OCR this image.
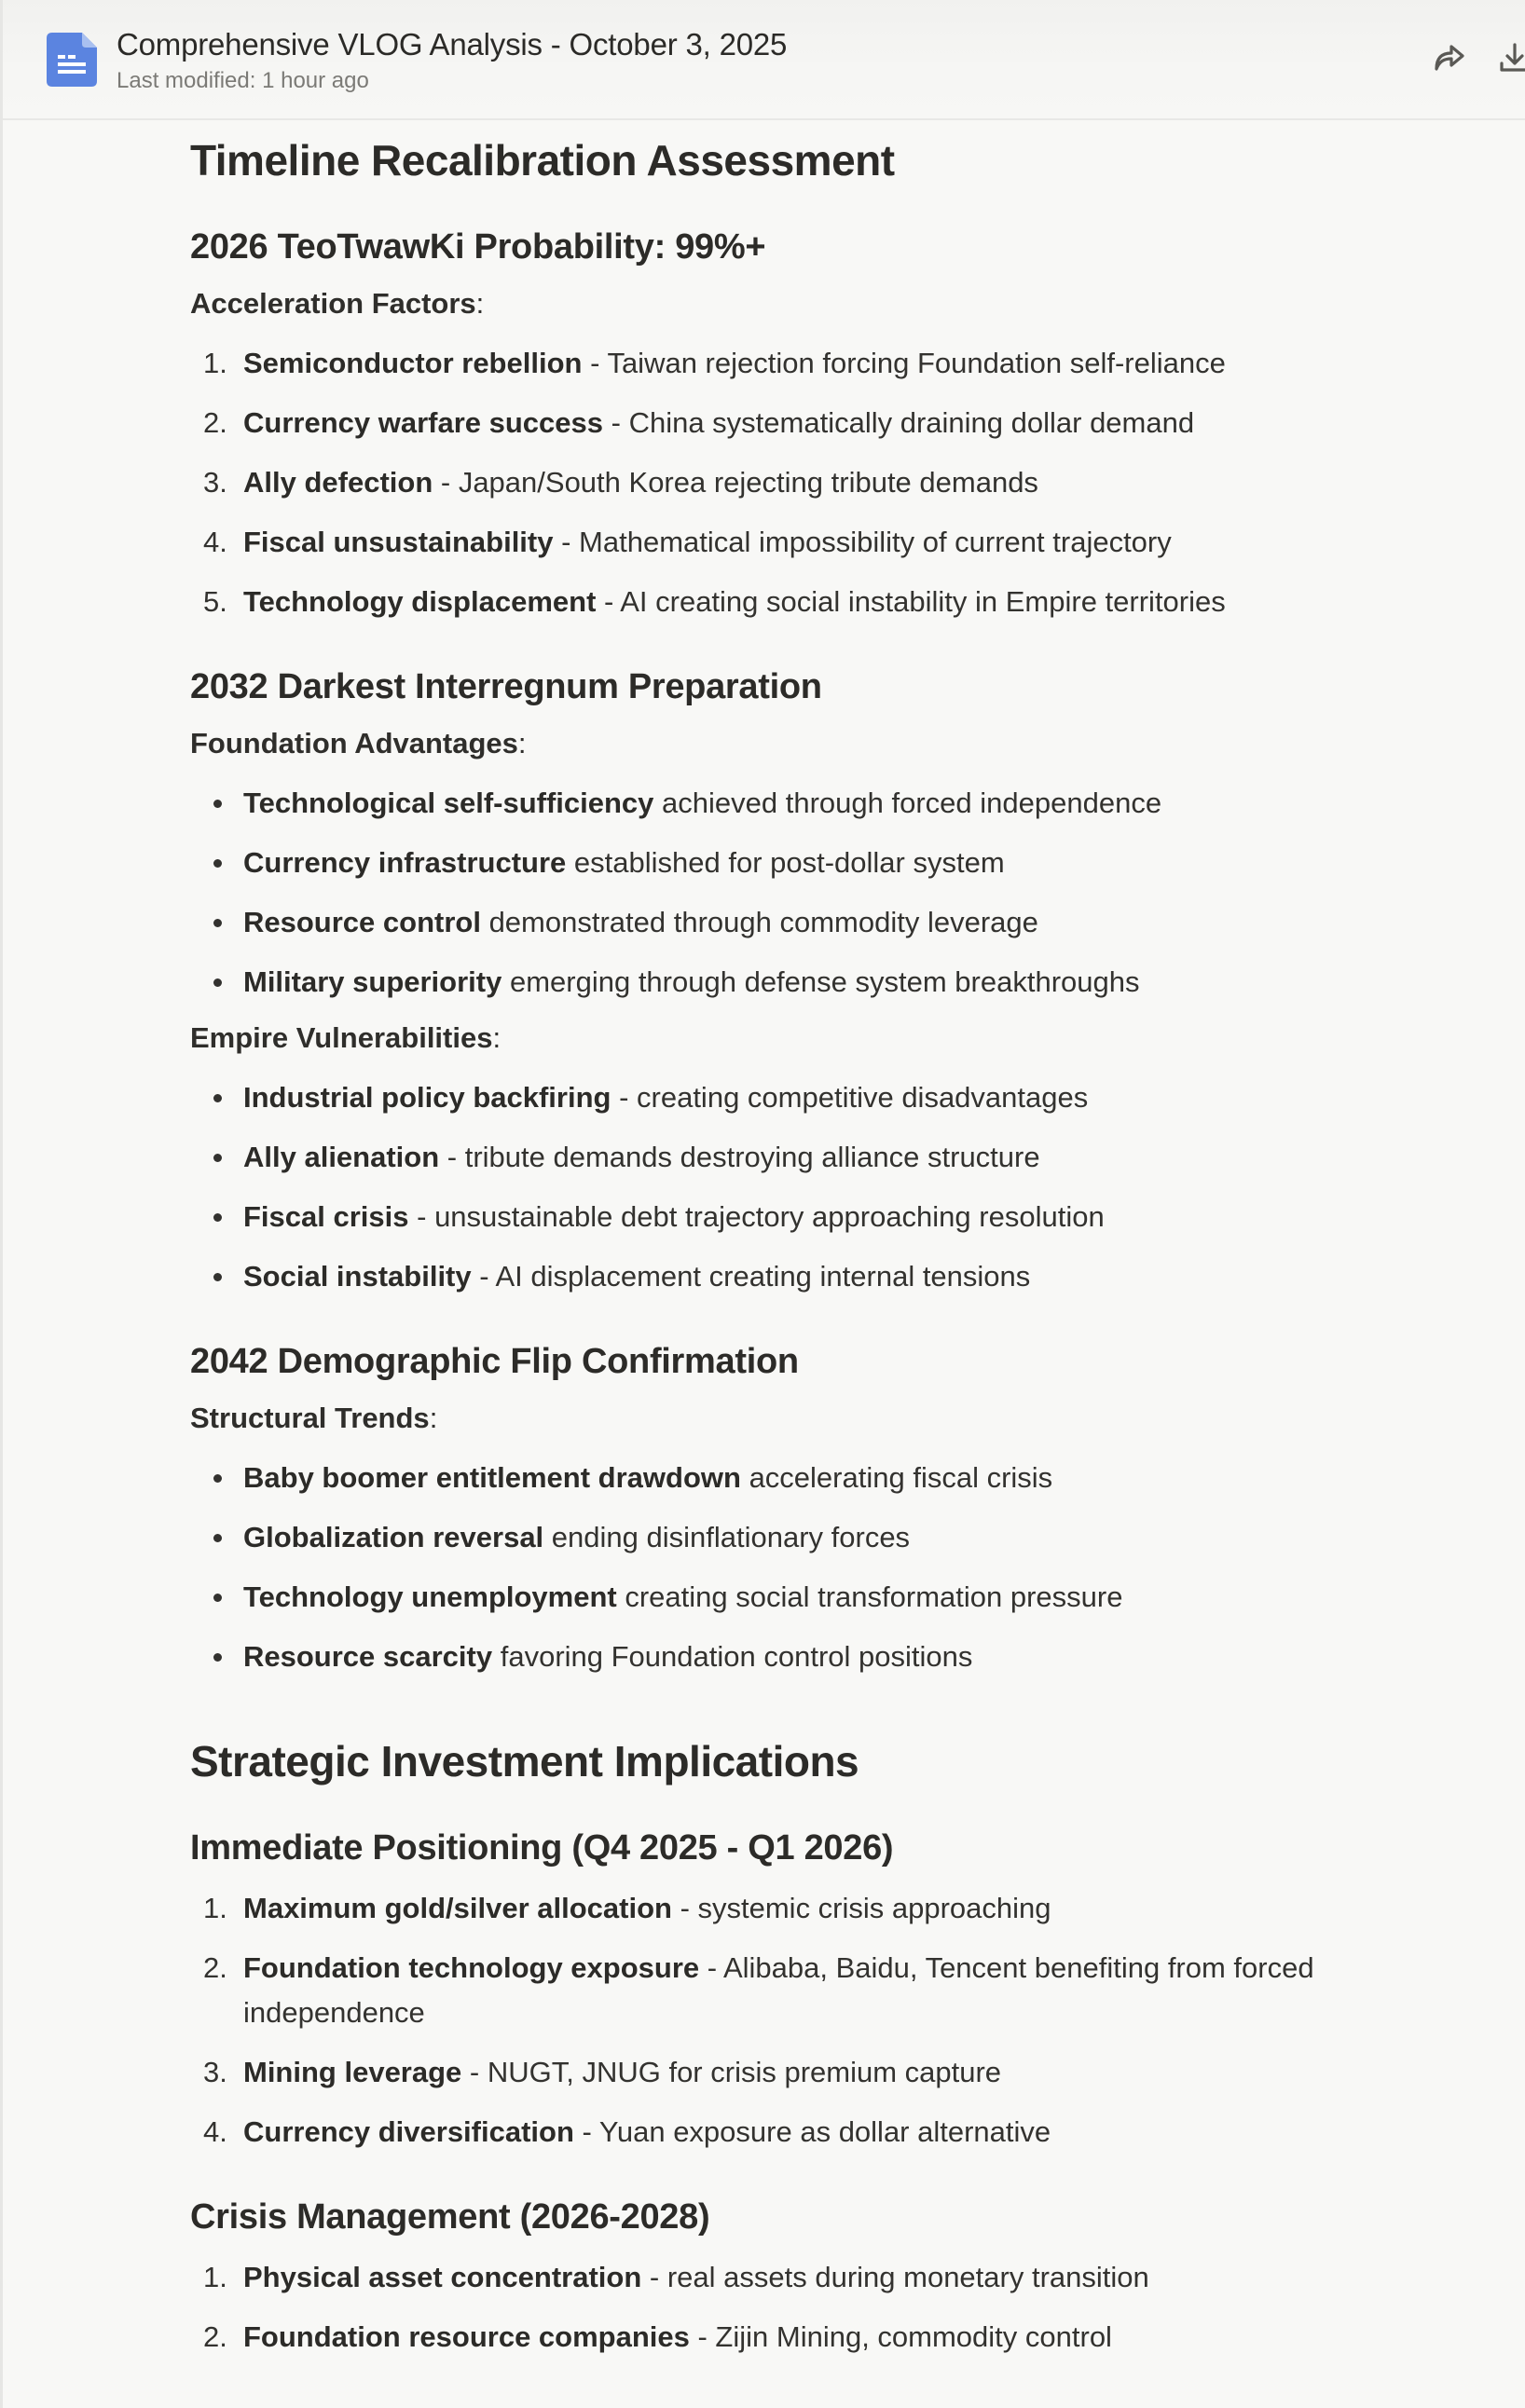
Comprehensive VLOG Analysis - October 3, 2025
Last modified: 1 hour ago
Timeline Recalibration Assessment
2026 TeoTwawKi Probability: 99%+

Acceleration Factors:

1. Semiconductor rebellion - Taiwan rejection forcing Foundation self-reliance
2. Currency warfare success - China systematically draining dollar demand
3. Ally defection - Japan/South Korea rejecting tribute demands
4. Fiscal unsustainability - Mathematical impossibility of current trajectory
5. Technology displacement - AI creating social instability in Empire territories
2032 Darkest Interregnum Preparation

Foundation Advantages:

Technological self-sufficiency achieved through forced independence
Currency infrastructure established for post-dollar system
Resource control demonstrated through commodity leverage
Military superiority emerging through defense system breakthroughs

Empire Vulnerabilities:

Industrial policy backfiring - creating competitive disadvantages
Ally alienation - tribute demands destroying alliance structure
Fiscal crisis - unsustainable debt trajectory approaching resolution
Social instability - AI displacement creating internal tensions
2042 Demographic Flip Confirmation

Structural Trends:

Baby boomer entitlement drawdown accelerating fiscal crisis
Globalization reversal ending disinflationary forces
Technology unemployment creating social transformation pressure
Resource scarcity favoring Foundation control positions
Strategic Investment Implications
Immediate Positioning (Q4 2025 - Q1 2026)
1. Maximum gold/silver allocation - systemic crisis approaching
2. Foundation technology exposure - Alibaba, Baidu, Tencent benefiting from forced independence
3. Mining leverage - NUGT, JNUG for crisis premium capture
4. Currency diversification - Yuan exposure as dollar alternative
Crisis Management (2026-2028)
1. Physical asset concentration - real assets during monetary transition
2. Foundation resource companies - Zijin Mining, commodity control
